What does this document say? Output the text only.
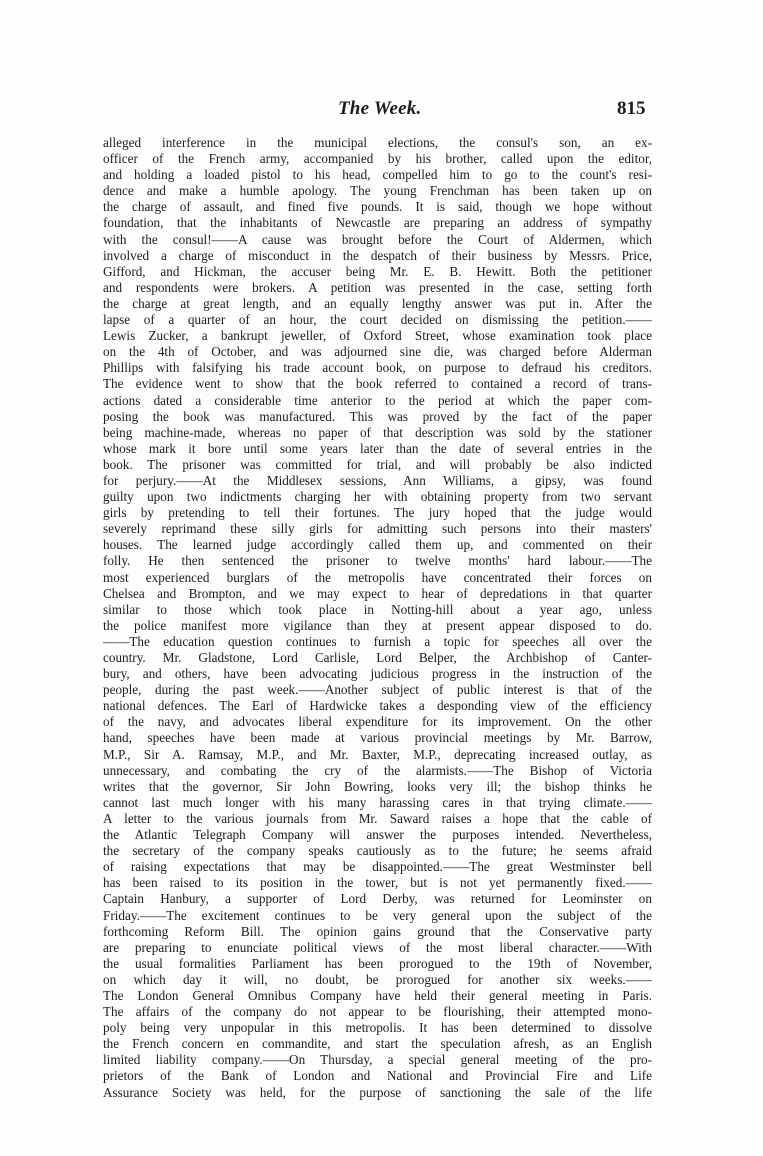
The Week.	815
alleged interference in the municipal elections, the consul's son, an ex-
officer of the French army, accompanied by his brother, called upon the editor,
and holding a loaded pistol to his head, compelled him to go to the count's resi-
dence and make a humble apology. The young Frenchman has been taken up on
the charge of assault, and fined five pounds. It is said, though we hope without
foundation, that the inhabitants of Newcastle are preparing an address of sympathy
with the consul!——A cause was brought before the Court of Aldermen, which
involved a charge of misconduct in the despatch of their business by Messrs. Price,
Gifford, and Hickman, the accuser being Mr. E. B. Hewitt. Both the petitioner
and respondents were brokers. A petition was presented in the case, setting forth
the charge at great length, and an equally lengthy answer was put in. After the
lapse of a quarter of an hour, the court decided on dismissing the petition.——
Lewis Zucker, a bankrupt jeweller, of Oxford Street, whose examination took place
on the 4th of October, and was adjourned sine die, was charged before Alderman
Phillips with falsifying his trade account book, on purpose to defraud his creditors.
The evidence went to show that the book referred to contained a record of trans-
actions dated a considerable time anterior to the period at which the paper com-
posing the book was manufactured. This was proved by the fact of the paper
being machine-made, whereas no paper of that description was sold by the stationer
whose mark it bore until some years later than the date of several entries in the
book. The prisoner was committed for trial, and will probably be also indicted
for perjury.——At the Middlesex sessions, Ann Williams, a gipsy, was found
guilty upon two indictments charging her with obtaining property from two servant
girls by pretending to tell their fortunes. The jury hoped that the judge would
severely reprimand these silly girls for admitting such persons into their masters'
houses. The learned judge accordingly called them up, and commented on their
folly. He then sentenced the prisoner to twelve months' hard labour.——The
most experienced burglars of the metropolis have concentrated their forces on
Chelsea and Brompton, and we may expect to hear of depredations in that quarter
similar to those which took place in Notting-hill about a year ago, unless
the police manifest more vigilance than they at present appear disposed to do.
——The education question continues to furnish a topic for speeches all over the
country. Mr. Gladstone, Lord Carlisle, Lord Belper, the Archbishop of Canter-
bury, and others, have been advocating judicious progress in the instruction of the
people, during the past week.——Another subject of public interest is that of the
national defences. The Earl of Hardwicke takes a desponding view of the efficiency
of the navy, and advocates liberal expenditure for its improvement. On the other
hand, speeches have been made at various provincial meetings by Mr. Barrow,
M.P., Sir A. Ramsay, M.P., and Mr. Baxter, M.P., deprecating increased outlay, as
unnecessary, and combating the cry of the alarmists.——The Bishop of Victoria
writes that the governor, Sir John Bowring, looks very ill; the bishop thinks he
cannot last much longer with his many harassing cares in that trying climate.——
A letter to the various journals from Mr. Saward raises a hope that the cable of
the Atlantic Telegraph Company will answer the purposes intended. Nevertheless,
the secretary of the company speaks cautiously as to the future; he seems afraid
of raising expectations that may be disappointed.——The great Westminster bell
has been raised to its position in the tower, but is not yet permanently fixed.——
Captain Hanbury, a supporter of Lord Derby, was returned for Leominster on
Friday.——The excitement continues to be very general upon the subject of the
forthcoming Reform Bill. The opinion gains ground that the Conservative party
are preparing to enunciate political views of the most liberal character.——With
the usual formalities Parliament has been prorogued to the 19th of November,
on which day it will, no doubt, be prorogued for another six weeks.——
The London General Omnibus Company have held their general meeting in Paris.
The affairs of the company do not appear to be flourishing, their attempted mono-
poly being very unpopular in this metropolis. It has been determined to dissolve
the French concern en commandite, and start the speculation afresh, as an English
limited liability company.——On Thursday, a special general meeting of the pro-
prietors of the Bank of London and National and Provincial Fire and Life
Assurance Society was held, for the purpose of sanctioning the sale of the life
